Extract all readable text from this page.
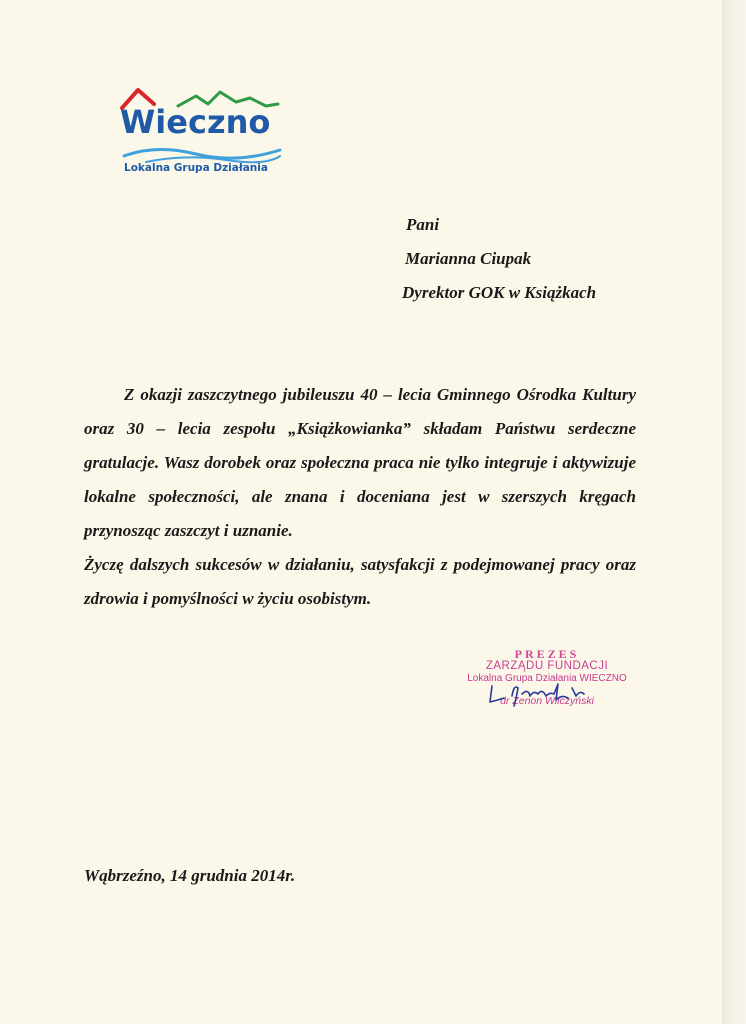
Wieczno
Lokalna Grupa Działania
Pani
Marianna Ciupak
Dyrektor GOK w Książkach

Z okazji zaszczytnego jubileuszu 40 – lecia Gminnego Ośrodka Kultury oraz 30 – lecia zespołu „Książkowianka” składam Państwu serdeczne gratulacje. Wasz dorobek oraz społeczna praca nie tylko integruje i aktywizuje lokalne społeczności, ale znana i doceniana jest w szerszych kręgach przynosząc zaszczyt i uznanie.

Życzę dalszych sukcesów w działaniu, satysfakcji z podejmowanej pracy oraz zdrowia i pomyślności w życiu osobistym.

PREZES
ZARZĄDU FUNDACJI
Lokalna Grupa Działania WIECZNO
dr Zenon Wilczyński
Wąbrzeźno, 14 grudnia 2014r.
